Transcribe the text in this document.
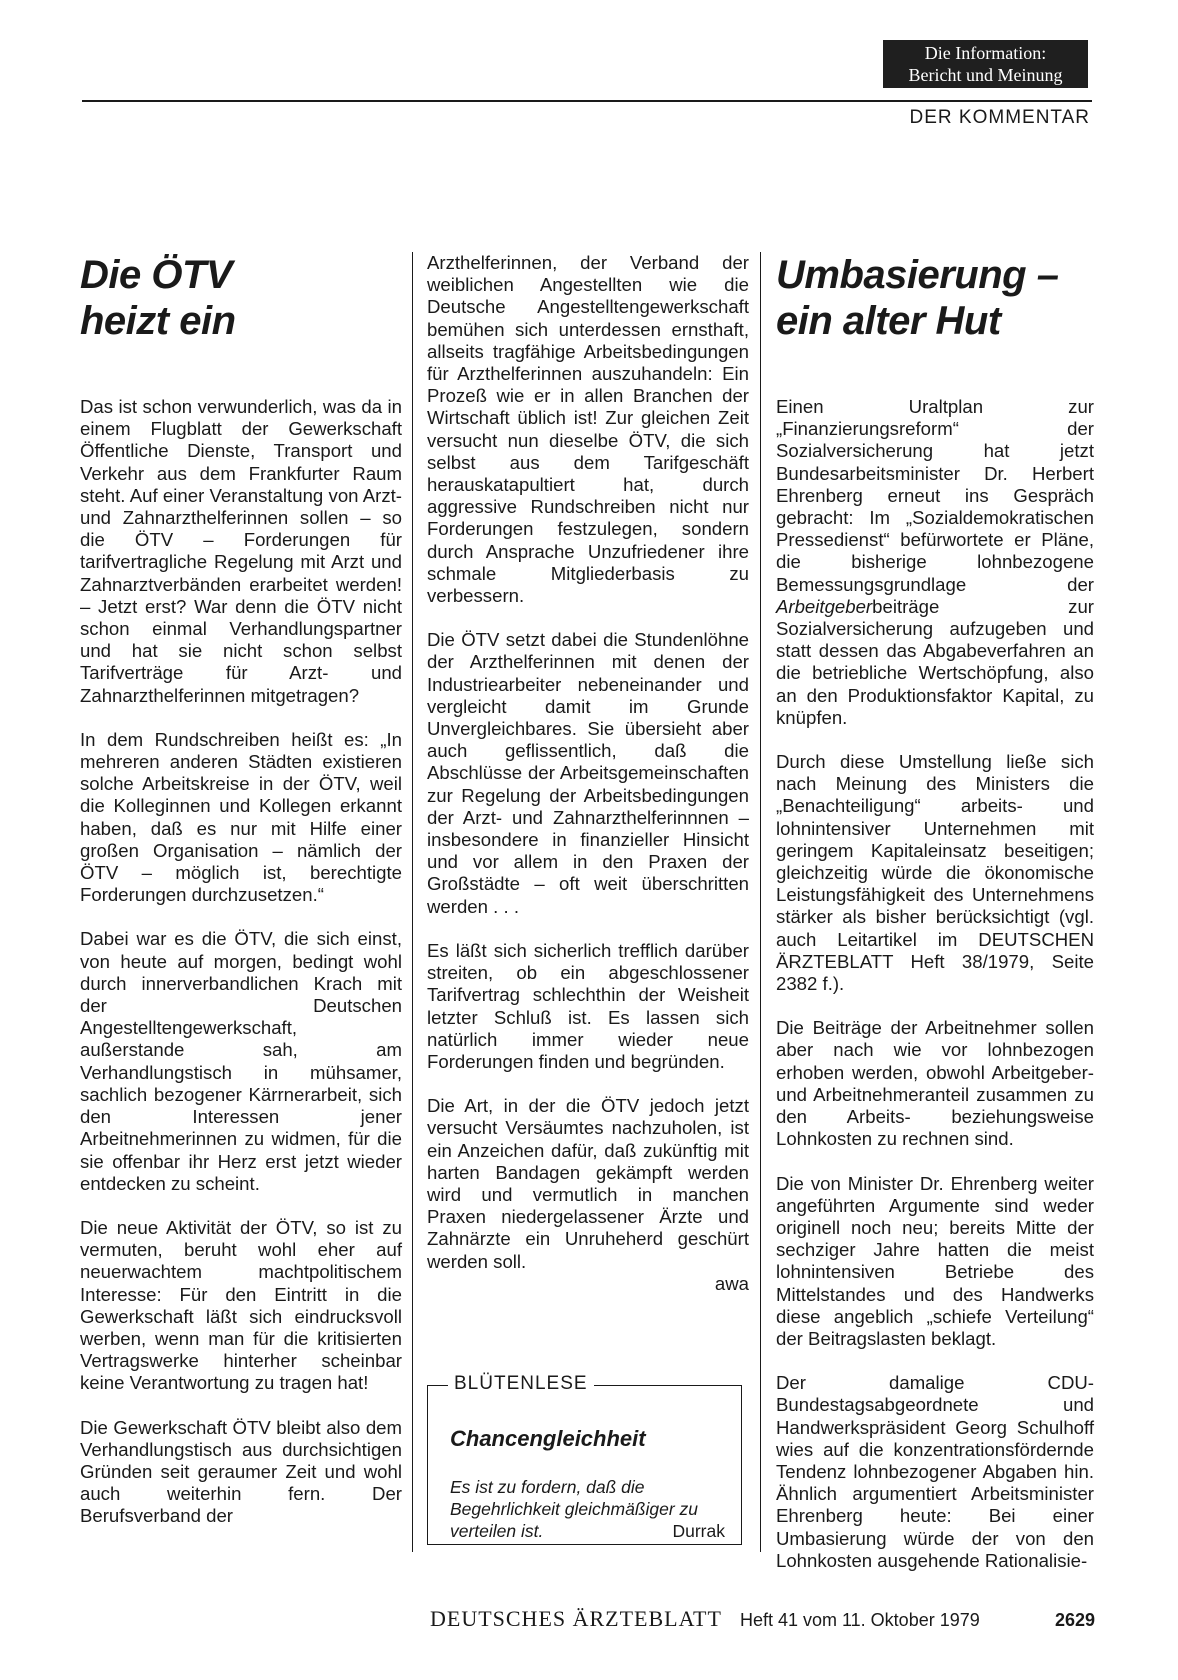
Die Information:
Bericht und Meinung
DER KOMMENTAR
Die ÖTV
heizt ein

Das ist schon verwunderlich, was da in einem Flugblatt der Gewerkschaft Öffentliche Dienste, Transport und Verkehr aus dem Frankfurter Raum steht. Auf einer Veranstaltung von Arzt- und Zahnarzthelferinnen sollen – so die ÖTV – Forderungen für tarifvertragliche Regelung mit Arzt und Zahnarztverbänden erarbeitet werden! – Jetzt erst? War denn die ÖTV nicht schon einmal Verhandlungspartner und hat sie nicht schon selbst Tarifverträge für Arzt- und Zahnarzthelferinnen mitgetragen?

In dem Rundschreiben heißt es: „In mehreren anderen Städten existieren solche Arbeitskreise in der ÖTV, weil die Kolleginnen und Kollegen erkannt haben, daß es nur mit Hilfe einer großen Organisation – nämlich der ÖTV – möglich ist, berechtigte Forderungen durchzusetzen.“

Dabei war es die ÖTV, die sich einst, von heute auf morgen, bedingt wohl durch innerverbandlichen Krach mit der Deutschen Angestelltengewerkschaft, außerstande sah, am Verhandlungstisch in mühsamer, sachlich bezogener Kärrnerarbeit, sich den Interessen jener Arbeitnehmerinnen zu widmen, für die sie offenbar ihr Herz erst jetzt wieder entdecken zu scheint.

Die neue Aktivität der ÖTV, so ist zu vermuten, beruht wohl eher auf neuerwachtem machtpolitischem Interesse: Für den Eintritt in die Gewerkschaft läßt sich eindrucksvoll werben, wenn man für die kritisierten Vertragswerke hinterher scheinbar keine Verantwortung zu tragen hat!

Die Gewerkschaft ÖTV bleibt also dem Verhandlungstisch aus durchsichtigen Gründen seit geraumer Zeit und wohl auch weiterhin fern. Der Berufsverband der

Arzthelferinnen, der Verband der weiblichen Angestellten wie die Deutsche Angestelltengewerkschaft bemühen sich unterdessen ernsthaft, allseits tragfähige Arbeitsbedingungen für Arzthelferinnen auszuhandeln: Ein Prozeß wie er in allen Branchen der Wirtschaft üblich ist! Zur gleichen Zeit versucht nun dieselbe ÖTV, die sich selbst aus dem Tarifgeschäft herauskatapultiert hat, durch aggressive Rundschreiben nicht nur Forderungen festzulegen, sondern durch Ansprache Unzufriedener ihre schmale Mitgliederbasis zu verbessern.

Die ÖTV setzt dabei die Stundenlöhne der Arzthelferinnen mit denen der Industriearbeiter nebeneinander und vergleicht damit im Grunde Unvergleichbares. Sie übersieht aber auch geflissentlich, daß die Abschlüsse der Arbeitsgemeinschaften zur Regelung der Arbeitsbedingungen der Arzt- und Zahnarzthelferinnnen – insbesondere in finanzieller Hinsicht und vor allem in den Praxen der Großstädte – oft weit überschritten werden . . .

Es läßt sich sicherlich trefflich darüber streiten, ob ein abgeschlossener Tarifvertrag schlechthin der Weisheit letzter Schluß ist. Es lassen sich natürlich immer wieder neue Forderungen finden und begründen.

Die Art, in der die ÖTV jedoch jetzt versucht Versäumtes nachzuholen, ist ein Anzeichen dafür, daß zukünftig mit harten Bandagen gekämpft werden wird und vermutlich in manchen Praxen niedergelassener Ärzte und Zahnärzte ein Unruheherd geschürt werden soll.

awa
BLÜTENLESE
Chancengleichheit
Es ist zu fordern, daß die Begehrlichkeit gleichmäßiger zu verteilen ist.	Durrak
Umbasierung –
ein alter Hut

Einen Uraltplan zur „Finanzierungsreform“ der Sozialversicherung hat jetzt Bundesarbeitsminister Dr. Herbert Ehrenberg erneut ins Gespräch gebracht: Im „Sozialdemokratischen Pressedienst“ befürwortete er Pläne, die bisherige lohnbezogene Bemessungsgrundlage der Arbeitgeberbeiträge zur Sozialversicherung aufzugeben und statt dessen das Abgabeverfahren an die betriebliche Wertschöpfung, also an den Produktionsfaktor Kapital, zu knüpfen.

Durch diese Umstellung ließe sich nach Meinung des Ministers die „Benachteiligung“ arbeits- und lohnintensiver Unternehmen mit geringem Kapitaleinsatz beseitigen; gleichzeitig würde die ökonomische Leistungsfähigkeit des Unternehmens stärker als bisher berücksichtigt (vgl. auch Leitartikel im DEUTSCHEN ÄRZTEBLATT Heft 38/1979, Seite 2382 f.).

Die Beiträge der Arbeitnehmer sollen aber nach wie vor lohnbezogen erhoben werden, obwohl Arbeitgeber- und Arbeitnehmeranteil zusammen zu den Arbeits- beziehungsweise Lohnkosten zu rechnen sind.

Die von Minister Dr. Ehrenberg weiter angeführten Argumente sind weder originell noch neu; bereits Mitte der sechziger Jahre hatten die meist lohnintensiven Betriebe des Mittelstandes und des Handwerks diese angeblich „schiefe Verteilung“ der Beitragslasten beklagt.

Der damalige CDU-Bundestagsabgeordnete und Handwerkspräsident Georg Schulhoff wies auf die konzentrationsfördernde Tendenz lohnbezogener Abgaben hin. Ähnlich argumentiert Arbeitsminister Ehrenberg heute: Bei einer Umbasierung würde der von den Lohnkosten ausgehende Rationalisie-

DEUTSCHES ÄRZTEBLATT Heft 41 vom 11. Oktober 1979	2629
